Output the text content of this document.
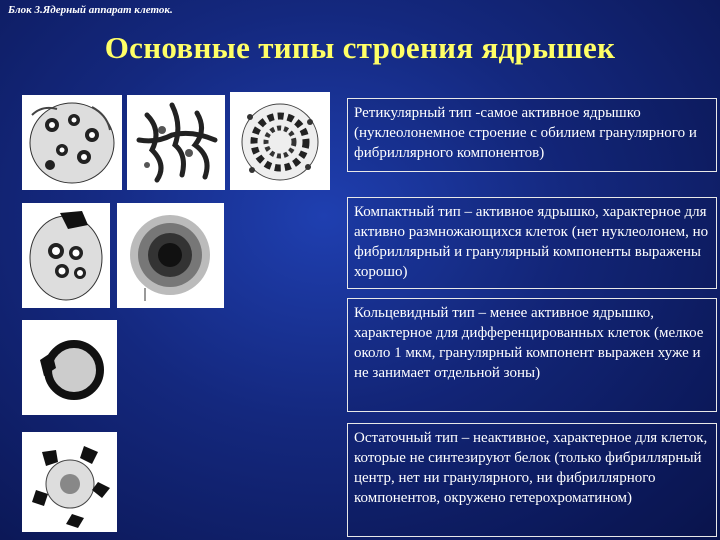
Блок 3.Ядерный аппарат клеток.
Основные типы строения ядрышек
Ретикулярный тип -самое активное ядрышко (нуклеолонемное строение с обилием гранулярного и фибриллярного компонентов)
Компактный тип – активное ядрышко, характерное для активно размножающихся клеток (нет нуклеолонем, но фибриллярный и гранулярный компоненты выражены хорошо)
Кольцевидный тип – менее активное ядрышко, характерное для дифференцированных клеток (мелкое около 1 мкм, гранулярный компонент выражен хуже и не занимает отдельной зоны)
Остаточный тип – неактивное, характерное для клеток, которые не синтезируют белок (только фибриллярный центр, нет ни гранулярного, ни фибриллярного компонентов, окружено гетерохроматином)
